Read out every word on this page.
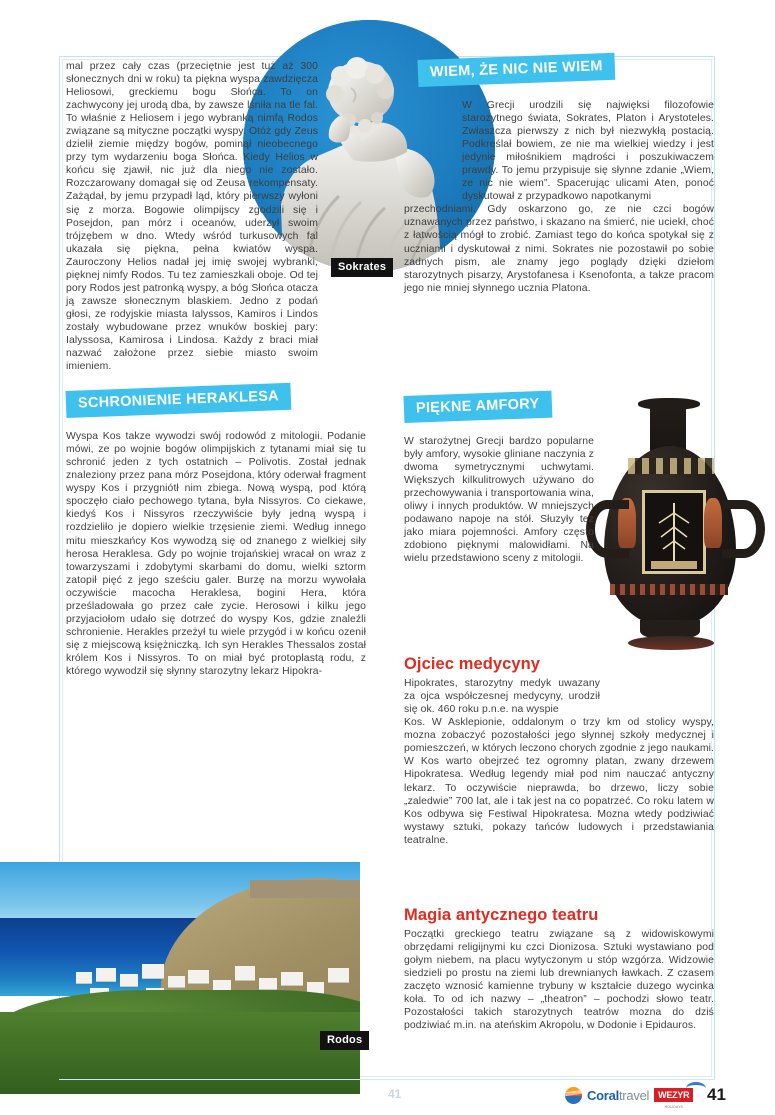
Sokrates

mal przez cały czas (przeciętnie jest tuż aż 300 słonecznych dni w roku) ta piękna wyspa zawdzięcza Heliosowi, greckiemu bogu Słońca. To on zachwycony jej urodą dba, by zawsze lśniła na tle fal. To właśnie z Heliosem i jego wybranką nimfą Rodos związane są mityczne początki wyspy. Otóż gdy Zeus dzielił ziemie między bogów, pominął nieobecnego przy tym wydarzeniu boga Słońca. Kiedy Helios w końcu się zjawił, nic już dla niego nie zostało. Rozczarowany domagał się od Zeusa rekompensaty. Zażądał, by jemu przypadł ląd, który pierwszy wyłoni się z morza. Bogowie olimpijscy zgodzili się i Posejdon, pan mórz i oceanów, uderzył swoim trójzębem w dno. Wtedy wśród turkusowych fal ukazała się piękna, pełna kwiatów wyspa. Zauroczony Helios nadał jej imię swojej wybranki, pięknej nimfy Rodos. Tu tez zamieszkali oboje. Od tej pory Rodos jest patronką wyspy, a bóg Słońca otacza ją zawsze słonecznym blaskiem. Jedno z podań głosi, ze rodyjskie miasta Ialyssos, Kamiros i Lindos zostały wybudowane przez wnuków boskiej pary: Ialyssosa, Kamirosa i Lindosa. Każdy z braci miał nazwać założone przez siebie miasto swoim imieniem.

SCHRONIENIE HERAKLESA

Wyspa Kos takze wywodzi swój rodowód z mitologii. Podanie mówi, ze po wojnie bogów olimpijskich z tytanami miał się tu schronić jeden z tych ostatnich – Polivotis. Został jednak znaleziony przez pana mórz Posejdona, który oderwał fragment wyspy Kos i przygniótł nim zbiega. Nową wyspą, pod którą spoczęło ciało pechowego tytana, była Nissyros. Co ciekawe, kiedyś Kos i Nissyros rzeczywiście były jedną wyspą i rozdzieliło je dopiero wielkie trzęsienie ziemi. Według innego mitu mieszkańcy Kos wywodzą się od znanego z wielkiej siły herosa Heraklesa. Gdy po wojnie trojańskiej wracał on wraz z towarzyszami i zdobytymi skarbami do domu, wielki sztorm zatopił pięć z jego sześciu galer. Burzę na morzu wywołała oczywiście macocha Heraklesa, bogini Hera, która prześladowała go przez całe zycie. Herosowi i kilku jego przyjaciołom udało się dotrzeć do wyspy Kos, gdzie znaleźli schronienie. Herakles przeżył tu wiele przygód i w końcu ozenił się z miejscową księżniczką. Ich syn Herakles Thessalos został królem Kos i Nissyros. To on miał być protoplastą rodu, z którego wywodził się słynny starozytny lekarz Hipokra-

WIEM, ŻE NIC NIE WIEM

W Grecji urodzili się najwięksi filozofowie starozytnego świata, Sokrates, Platon i Arystoteles. Zwłaszcza pierwszy z nich był niezwykłą postacią. Podkreślał bowiem, ze nie ma wielkiej wiedzy i jest jedynie miłośnikiem mądrości i poszukiwaczem prawdy. To jemu przypisuje się słynne zdanie „Wiem, ze nic nie wiem”. Spacerując ulicami Aten, ponoć dyskutował z przypadkowo napotkanymi

przechodniami. Gdy oskarzono go, ze nie czci bogów uznawanych przez państwo, i skazano na śmierć, nie uciekł, choć z łatwością mógł to zrobić. Zamiast tego do końca spotykał się z uczniami i dyskutował z nimi. Sokrates nie pozostawił po sobie zadnych pism, ale znamy jego poglądy dzięki dziełom starozytnych pisarzy, Arystofanesa i Ksenofonta, a takze pracom jego nie mniej słynnego ucznia Platona.

PIĘKNE AMFORY

W starożytnej Grecji bardzo popularne były amfory, wysokie gliniane naczynia z dwoma symetrycznymi uchwytami. Większych kilkulitrowych używano do przechowywania i transportowania wina, oliwy i innych produktów. W mniejszych podawano napoje na stół. Słuzyły tez jako miara pojemności. Amfory często zdobiono pięknymi malowidłami. Na wielu przedstawiono sceny z mitologii.

Ojciec medycyny

Hipokrates, starozytny medyk uwazany za ojca współczesnej medycyny, urodził się ok. 460 roku p.n.e. na wyspie

Kos. W Asklepionie, oddalonym o trzy km od stolicy wyspy, mozna zobaczyć pozostałości jego słynnej szkoły medycznej i pomieszczeń, w których leczono chorych zgodnie z jego naukami. W Kos warto obejrzeć tez ogromny platan, zwany drzewem Hipokratesa. Według legendy miał pod nim nauczać antyczny lekarz. To oczywiście nieprawda, bo drzewo, liczy sobie „zaledwie” 700 lat, ale i tak jest na co popatrzeć. Co roku latem w Kos odbywa się Festiwal Hipokratesa. Mozna wtedy podziwiać wystawy sztuki, pokazy tańców ludowych i przedstawiania teatralne.

Magia antycznego teatru

Początki greckiego teatru związane są z widowiskowymi obrzędami religijnymi ku czci Dionizosa. Sztuki wystawiano pod gołym niebem, na placu wytyczonym u stóp wzgórza. Widzowie siedzieli po prostu na ziemi lub drewnianych ławkach. Z czasem zaczęto wznosić kamienne trybuny w kształcie duzego wycinka koła. To od ich nazwy – „theatron” – pochodzi słowo teatr. Pozostałości takich starozytnych teatrów mozna do dziś podziwiać m.in. na ateńskim Akropolu, w Dodonie i Epidauros.

Rodos
41	Coraltravel	WEZYR
HOLIDAYS
41
